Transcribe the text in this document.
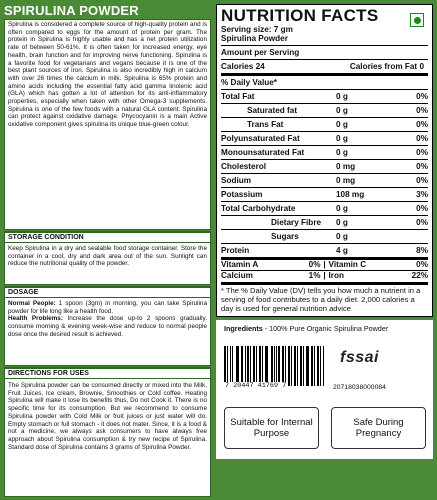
SPIRULINA POWDER

Spirulina is considered a complete source of high-quality protein and is often compared to eggs for the amount of protein per gram. The protein in Spirulina is highly usable and has a net protein utilization rate of between 50-61%. It is often taken for increased energy, eye health, brain function and for improving nerve functioning. Spirulina is a favorite food for vegetarians and vegans because it is one of the best plant sources of iron. Spirulina is also incredibly high in calcium with over 26 times the calcium in milk. Spirulina is 65% protein and amino acids including the essential fatty acid gamma linolenic acid (GLA) which has gotten a lot of attention for its anti-inflammatory properties, especially when taken with other Omega-3 supplements. Spirulina is one of the few foods with a natural GLA content. Spirulina can protect against oxidative damage. Phycocyanin is a main Active oxidative component gives spirulina its unique blue-green colour.

STORAGE CONDITION

Keep Spirulina in a dry and sealable food storage container. Store the container in a cool, dry and dark area out of the sun. Sunlight can reduce the nutritional quality of the powder.

DOSAGE

Normal People: 1 spoon (3gm) in morning, you can take Spirulina powder for life long like a health food.

Health Problems: Increase the dose up-to 2 spoons gradually. consume morning & evening week-wise and reduce to normal people dose once the desired result is achieved.

DIRECTIONS FOR USES

The Spirulina powder can be consumed directly or mixed into the Milk, Fruit Juices, Ice cream, Brownie, Smoothies or Cold coffee. Heating Spirulina will make it lose its benefits thus, Do not Cook it. There is no specific time for its consumption. But we recommend to consume Spirulina powder with Cold Milk or fruit juices or just water will do. Empty stomach or full stomach - it does not mater. Since, it is a food & not a medicine, we always ask consumers to have always free approach about Spirulina consumption & try new recipe of Spirulina. Standard dose of Spirulina contains 3 grams of Spirulina Powder.

NUTRITION FACTS
Serving size: 7 gm
Spirulina Powder
Amount per Serving
Calories 24	Calories from Fat 0
% Daily Value*
Total Fat	0 g	0%
Saturated fat	0 g	0%
Trans Fat	0 g	0%
Polyunsaturated Fat	0 g	0%
Monounsaturated Fat	0 g	0%
Cholesterol	0 mg	0%
Sodium	0 mg	0%
Potassium	108 mg	3%
Total Carbohydrate	0 g	0%
Dietary Fibre	0 g	0%
Sugars	0 g
Protein	4 g	8%
Vitamin A	0% | Vitamin C	0%
Calcium	1% | Iron	22%
* The % Daily Value (DV) tells you how much a nutrient in a serving of food contributes to a daily diet. 2,000 calories a day is used for general nutrition advice
Ingredients - 100% Pure Organic Spirulina Powder
7 20447 41769 7
fssai
20718038000084
Suitable for Internal Purpose
Safe During Pregnancy
